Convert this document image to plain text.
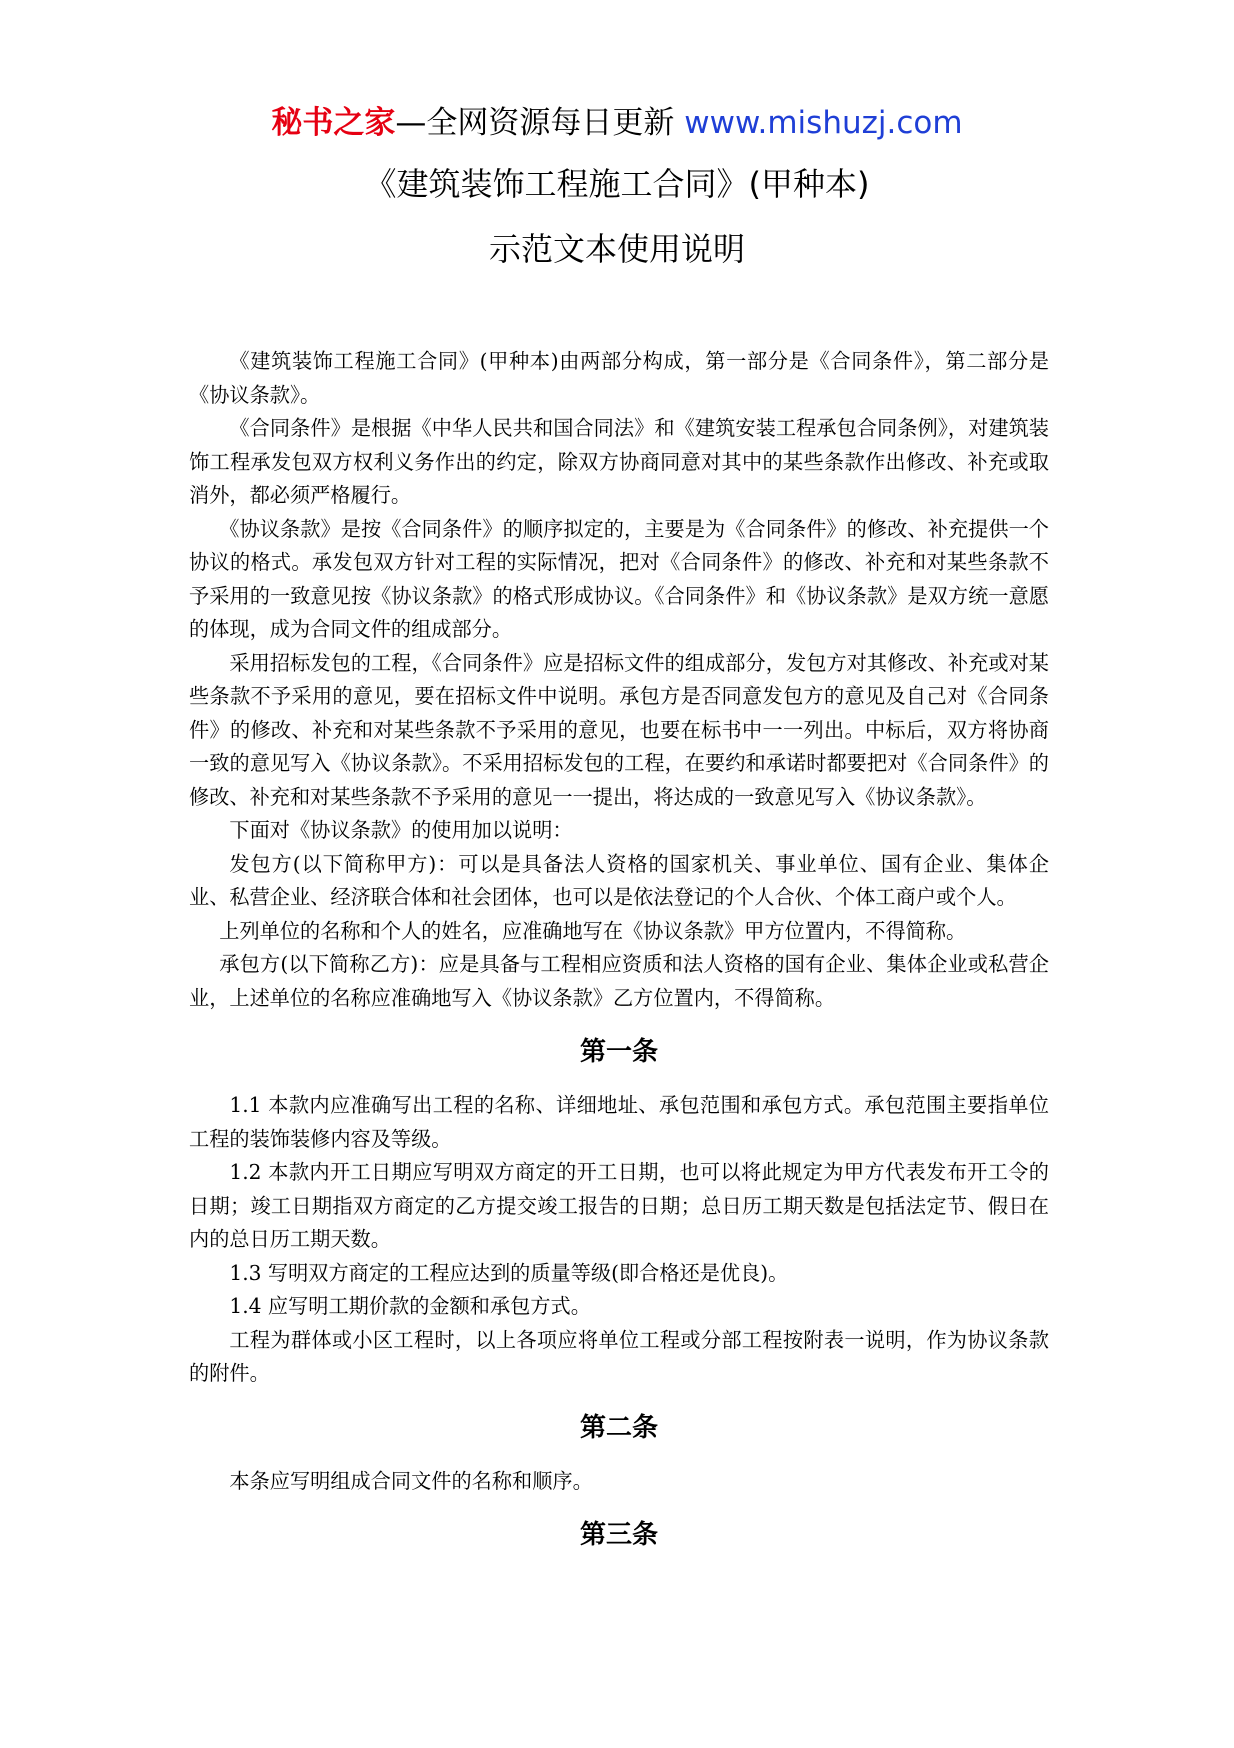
秘书之家—全网资源每日更新 www.mishuzj.com
《建筑装饰工程施工合同》(甲种本)
示范文本使用说明

《建筑装饰工程施工合同》(甲种本)由两部分构成，第一部分是《合同条件》，第二部分是《协议条款》。

《合同条件》是根据《中华人民共和国合同法》和《建筑安装工程承包合同条例》，对建筑装饰工程承发包双方权利义务作出的约定，除双方协商同意对其中的某些条款作出修改、补充或取消外，都必须严格履行。

《协议条款》是按《合同条件》的顺序拟定的，主要是为《合同条件》的修改、补充提供一个协议的格式。承发包双方针对工程的实际情况，把对《合同条件》的修改、补充和对某些条款不予采用的一致意见按《协议条款》的格式形成协议。《合同条件》和《协议条款》是双方统一意愿的体现，成为合同文件的组成部分。

采用招标发包的工程，《合同条件》应是招标文件的组成部分，发包方对其修改、补充或对某些条款不予采用的意见，要在招标文件中说明。承包方是否同意发包方的意见及自己对《合同条件》的修改、补充和对某些条款不予采用的意见，也要在标书中一一列出。中标后，双方将协商一致的意见写入《协议条款》。不采用招标发包的工程，在要约和承诺时都要把对《合同条件》的修改、补充和对某些条款不予采用的意见一一提出，将达成的一致意见写入《协议条款》。

下面对《协议条款》的使用加以说明：

发包方(以下简称甲方)：可以是具备法人资格的国家机关、事业单位、国有企业、集体企业、私营企业、经济联合体和社会团体，也可以是依法登记的个人合伙、个体工商户或个人。

上列单位的名称和个人的姓名，应准确地写在《协议条款》甲方位置内，不得简称。

承包方(以下简称乙方)：应是具备与工程相应资质和法人资格的国有企业、集体企业或私营企业，上述单位的名称应准确地写入《协议条款》乙方位置内，不得简称。

第一条

1.1 本款内应准确写出工程的名称、详细地址、承包范围和承包方式。承包范围主要指单位工程的装饰装修内容及等级。

1.2 本款内开工日期应写明双方商定的开工日期，也可以将此规定为甲方代表发布开工令的日期；竣工日期指双方商定的乙方提交竣工报告的日期；总日历工期天数是包括法定节、假日在内的总日历工期天数。

1.3 写明双方商定的工程应达到的质量等级(即合格还是优良)。

1.4 应写明工期价款的金额和承包方式。

工程为群体或小区工程时，以上各项应将单位工程或分部工程按附表一说明，作为协议条款的附件。

第二条

本条应写明组成合同文件的名称和顺序。

第三条
